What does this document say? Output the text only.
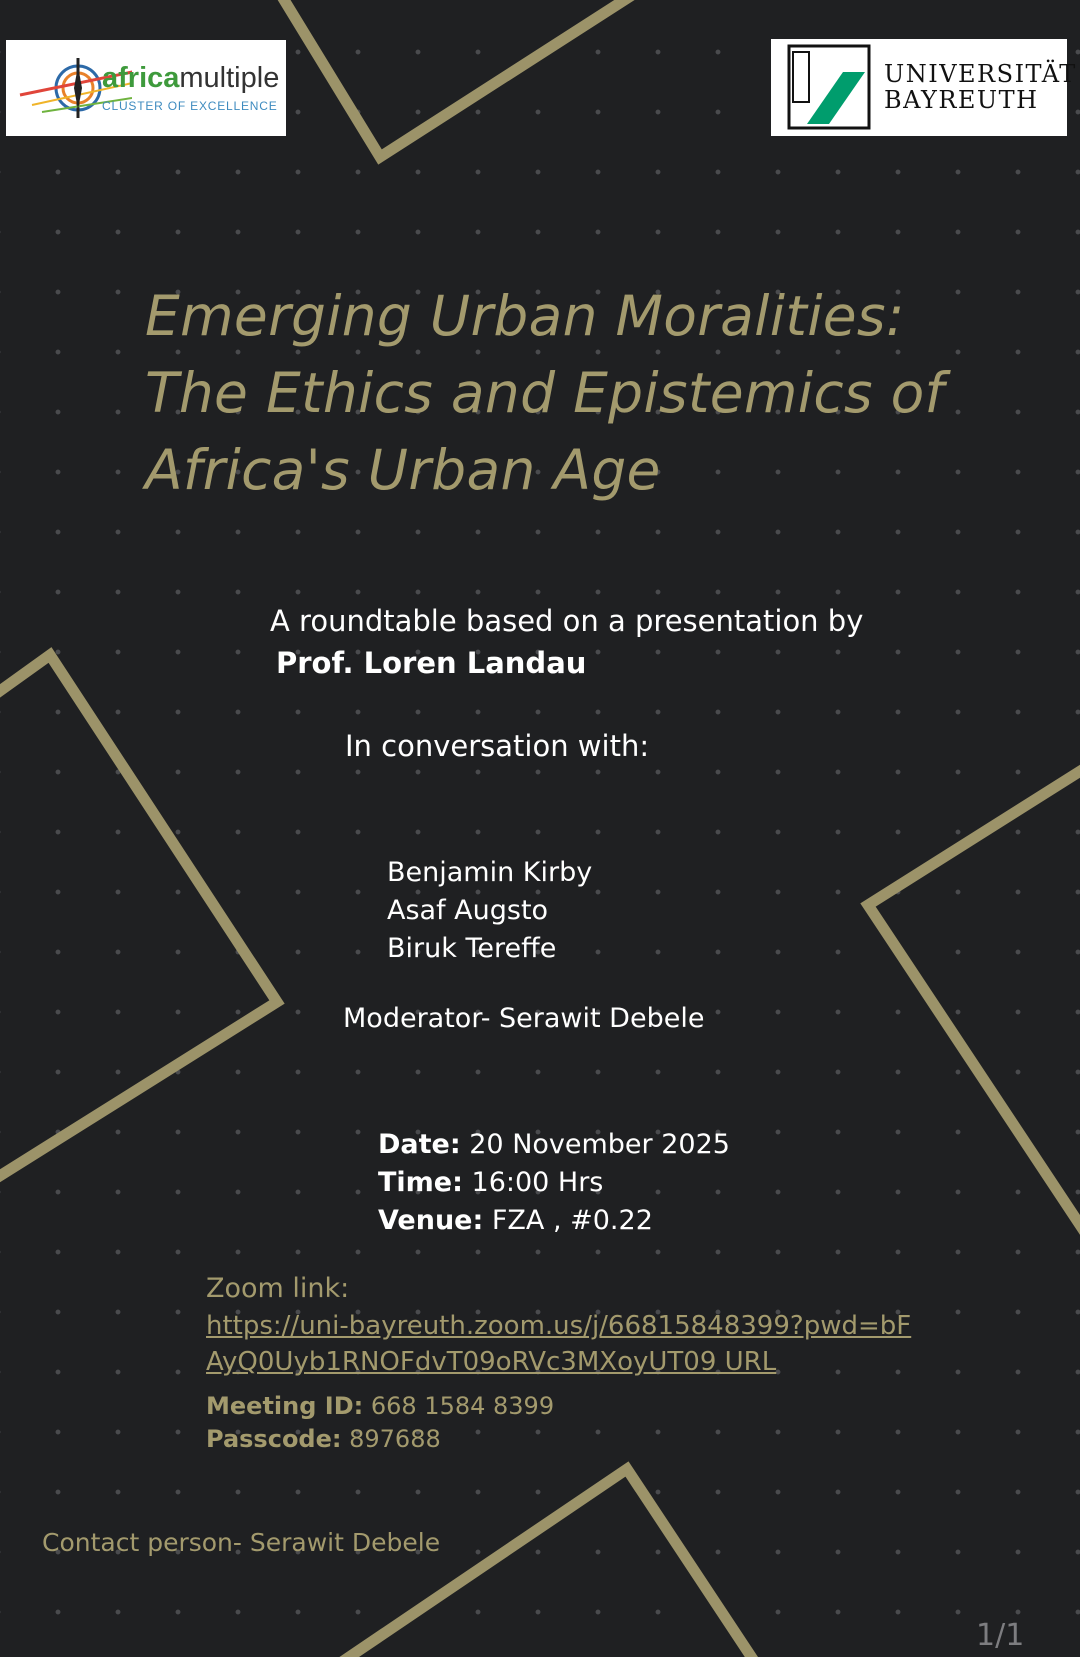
africamultiple
CLUSTER OF EXCELLENCE
UNIVERSITÄT
BAYREUTH
Emerging Urban Moralities:
The Ethics and Epistemics of
Africa's Urban Age

A roundtable based on a presentation by

Prof. Loren Landau

In conversation with:

Benjamin Kirby
Asaf Augsto
Biruk Tereffe

Moderator- Serawit Debele

Date: 20 November 2025
Time: 16:00 Hrs
Venue: FZA , #0.22

Zoom link:

https://uni-bayreuth.zoom.us/j/66815848399?pwd=bF
AyQ0Uyb1RNOFdvT09oRVc3MXoyUT09 URL
Meeting ID: 668 1584 8399
Passcode: 897688

Contact person- Serawit Debele

1/1
